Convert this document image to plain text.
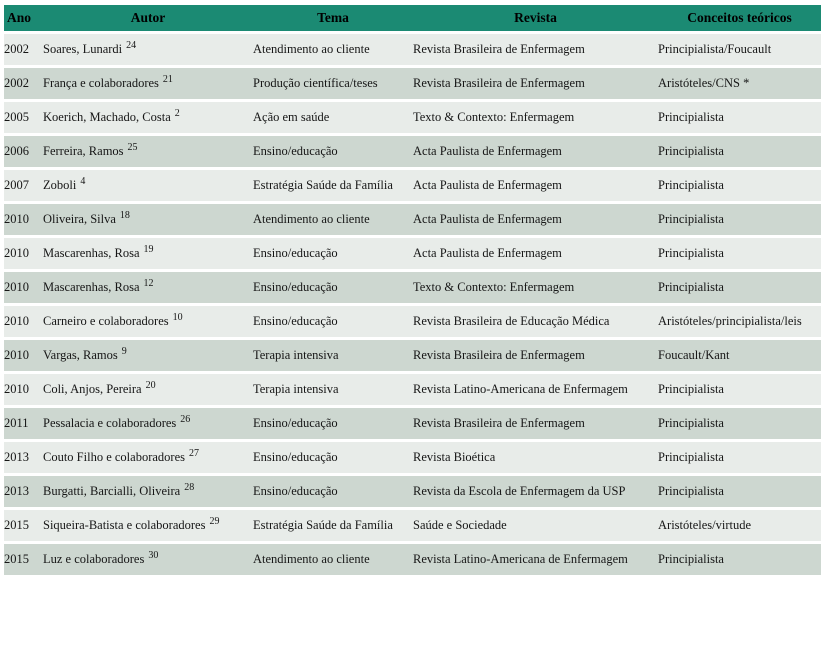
Ano	Autor	Tema	Revista	Conceitos teóricos
2002	Soares, Lunardi $^{24}$	Atendimento ao cliente	Revista Brasileira de Enfermagem	Principialista/Foucault
2002	França e colaboradores $^{21}$	Produção científica/teses	Revista Brasileira de Enfermagem	Aristóteles/CNS *
2005	Koerich, Machado, Costa $^2$	Ação em saúde	Texto & Contexto: Enfermagem	Principialista
2006	Ferreira, Ramos $^{25}$	Ensino/educação	Acta Paulista de Enfermagem	Principialista
2007	Zoboli $^4$	Estratégia Saúde da Família	Acta Paulista de Enfermagem	Principialista
2010	Oliveira, Silva $^{18}$	Atendimento ao cliente	Acta Paulista de Enfermagem	Principialista
2010	Mascarenhas, Rosa $^{19}$	Ensino/educação	Acta Paulista de Enfermagem	Principialista
2010	Mascarenhas, Rosa $^{12}$	Ensino/educação	Texto & Contexto: Enfermagem	Principialista
2010	Carneiro e colaboradores $^{10}$	Ensino/educação	Revista Brasileira de Educação Médica	Aristóteles/principialista/leis
2010	Vargas, Ramos $^9$	Terapia intensiva	Revista Brasileira de Enfermagem	Foucault/Kant
2010	Coli, Anjos, Pereira $^{20}$	Terapia intensiva	Revista Latino-Americana de Enfermagem	Principialista
2011	Pessalacia e colaboradores $^{26}$	Ensino/educação	Revista Brasileira de Enfermagem	Principialista
2013	Couto Filho e colaboradores $^{27}$	Ensino/educação	Revista Bioética	Principialista
2013	Burgatti, Barcialli, Oliveira $^{28}$	Ensino/educação	Revista da Escola de Enfermagem da USP	Principialista
2015	Siqueira-Batista e colaboradores $^{29}$	Estratégia Saúde da Família	Saúde e Sociedade	Aristóteles/virtude
2015	Luz e colaboradores $^{30}$	Atendimento ao cliente	Revista Latino-Americana de Enfermagem	Principialista
